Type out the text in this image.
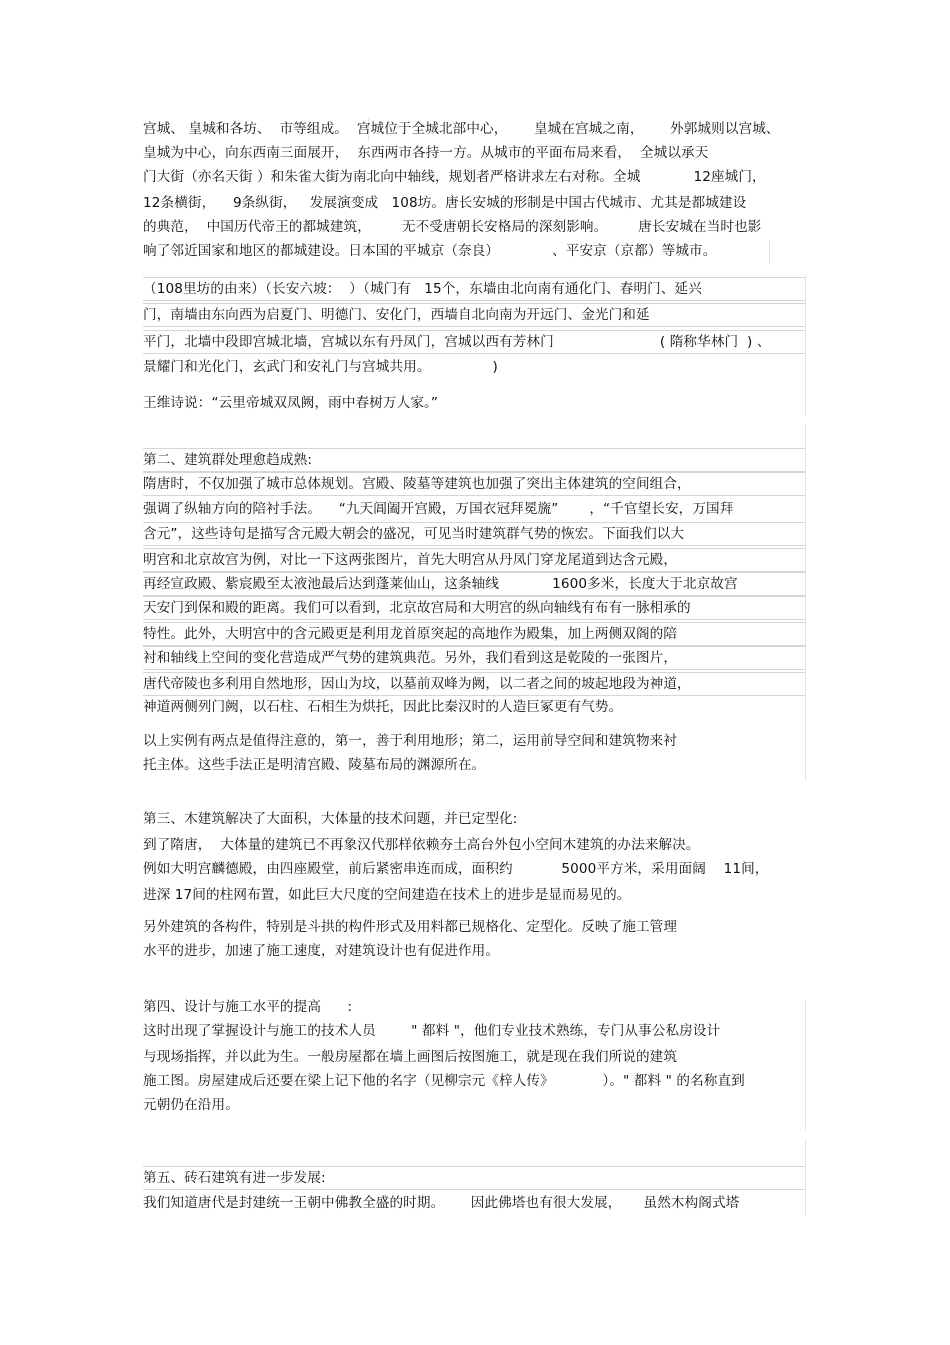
宫城、 皇城和各坊、  市等组成。  宫城位于全城北部中心，      皇城在宫城之南，      外郭城则以宫城、
皇城为中心，向东西南三面展开，  东西两市各持一方。从城市的平面布局来看，  全城以承天
门大街（亦名天街 ）和朱雀大街为南北向中轴线，规划者严格讲求左右对称。全城            12座城门，
12条横街，    9条纵街，   发展演变成   108坊。唐长安城的形制是中国古代城市、尤其是都城建设
的典范，  中国历代帝王的都城建筑，       无不受唐朝长安格局的深刻影响。       唐长安城在当时也影
响了邻近国家和地区的都城建设。日本国的平城京（奈良）            、平安京（京都）等城市。
（108里坊的由来）（长安六坡：  ）（城门有   15个，东墙由北向南有通化门、春明门、延兴
门，南墙由东向西为启夏门、明德门、安化门，西墙自北向南为开远门、金光门和延
平门，北墙中段即宫城北墙，宫城以东有丹凤门，宫城以西有芳林门                        ( 隋称华林门  ) 、
景耀门和光化门，玄武门和安礼门与宫城共用。              )
王维诗说：“云里帝城双凤阙，雨中春树万人家。”
第二、建筑群处理愈趋成熟:
隋唐时，不仅加强了城市总体规划。宫殿、陵墓等建筑也加强了突出主体建筑的空间组合，
强调了纵轴方向的陪衬手法。    “九天阊阖开宫殿，万国衣冠拜冕旒”       ，“千官望长安，万国拜
含元”，这些诗句是描写含元殿大朝会的盛况，可见当时建筑群气势的恢宏。下面我们以大
明宫和北京故宫为例，对比一下这两张图片，首先大明宫从丹凤门穿龙尾道到达含元殿，
再经宣政殿、紫宸殿至太液池最后达到蓬莱仙山，这条轴线            1600多米，长度大于北京故宫
天安门到保和殿的距离。我们可以看到，北京故宫局和大明宫的纵向轴线有布有一脉相承的
特性。此外，大明宫中的含元殿更是利用龙首原突起的高地作为殿集，加上两侧双阁的陪
衬和轴线上空间的变化营造成严气势的建筑典范。另外，我们看到这是乾陵的一张图片，
唐代帝陵也多利用自然地形，因山为坟，以墓前双峰为阙，以二者之间的坡起地段为神道，
神道两侧列门阙，以石柱、石相生为烘托，因此比秦汉时的人造巨冢更有气势。
以上实例有两点是值得注意的，第一，善于利用地形；第二，运用前导空间和建筑物来衬
托主体。这些手法正是明清宫殿、陵墓布局的渊源所在。
第三、木建筑解决了大面积，大体量的技术问题，并已定型化:
到了隋唐，  大体量的建筑已不再象汉代那样依赖夯土高台外包小空间木建筑的办法来解决。
例如大明宫麟德殿，由四座殿堂，前后紧密串连而成，面积约           5000平方米，采用面阔    11间，
进深 17间的柱网布置，如此巨大尺度的空间建造在技术上的进步是显而易见的。
另外建筑的各构件，特别是斗拱的构件形式及用料都已规格化、定型化。反映了施工管理
水平的进步，加速了施工速度，对建筑设计也有促进作用。
第四、设计与施工水平的提高      :
这时出现了掌握设计与施工的技术人员        " 都料 "，他们专业技术熟练，专门从事公私房设计
与现场指挥，并以此为生。一般房屋都在墙上画图后按图施工，就是现在我们所说的建筑
施工图。房屋建成后还要在梁上记下他的名字（见柳宗元《梓人传》           ）。" 都料 " 的名称直到
元朝仍在沿用。
第五、砖石建筑有进一步发展:
我们知道唐代是封建统一王朝中佛教全盛的时期。      因此佛塔也有很大发展，     虽然木构阁式塔
